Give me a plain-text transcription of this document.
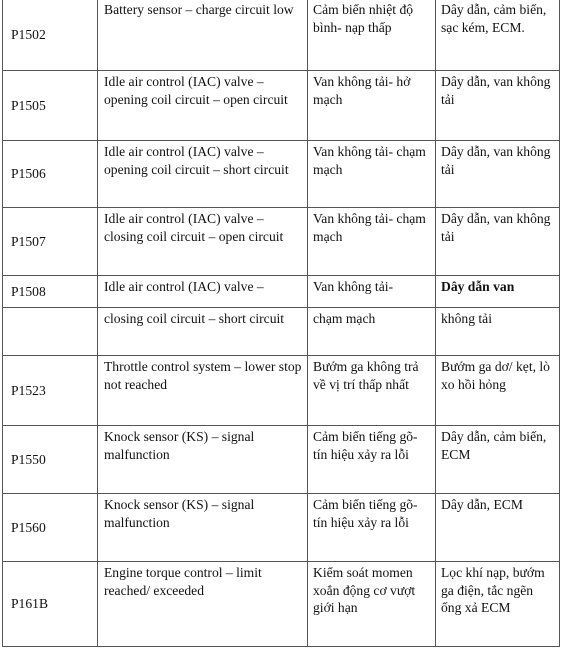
P1502	Battery sensor – charge circuit low	Cảm biến nhiệt độ bình- nạp thấp	Dây dẫn, cảm biến, sạc kém, ECM.
P1505	Idle air control (IAC) valve – opening coil circuit – open circuit	Van không tải- hở mạch	Dây dẫn, van không tải
P1506	Idle air control (IAC) valve – opening coil circuit – short circuit	Van không tải- chạm mạch	Dây dẫn, van không tải
P1507	Idle air control (IAC) valve – closing coil circuit – open circuit	Van không tải- chạm mạch	Dây dẫn, van không tải
P1508	Idle air control (IAC) valve –	Van không tải-	Dây dẫn van
	closing coil circuit – short circuit	chạm mạch	không tải
P1523	Throttle control system – lower stop not reached	Bướm ga không trả về vị trí thấp nhất	Bướm ga dơ/ kẹt, lò xo hồi hỏng
P1550	Knock sensor (KS) – signal malfunction	Cảm biến tiếng gõ- tín hiệu xảy ra lỗi	Dây dẫn, cảm biến, ECM
P1560	Knock sensor (KS) – signal malfunction	Cảm biến tiếng gõ- tín hiệu xảy ra lỗi	Dây dẫn, ECM
P161B	Engine torque control – limit reached/ exceeded	Kiểm soát momen xoắn động cơ vượt giới hạn	Lọc khí nạp, bướm ga điện, tắc ngẽn ống xả ECM
